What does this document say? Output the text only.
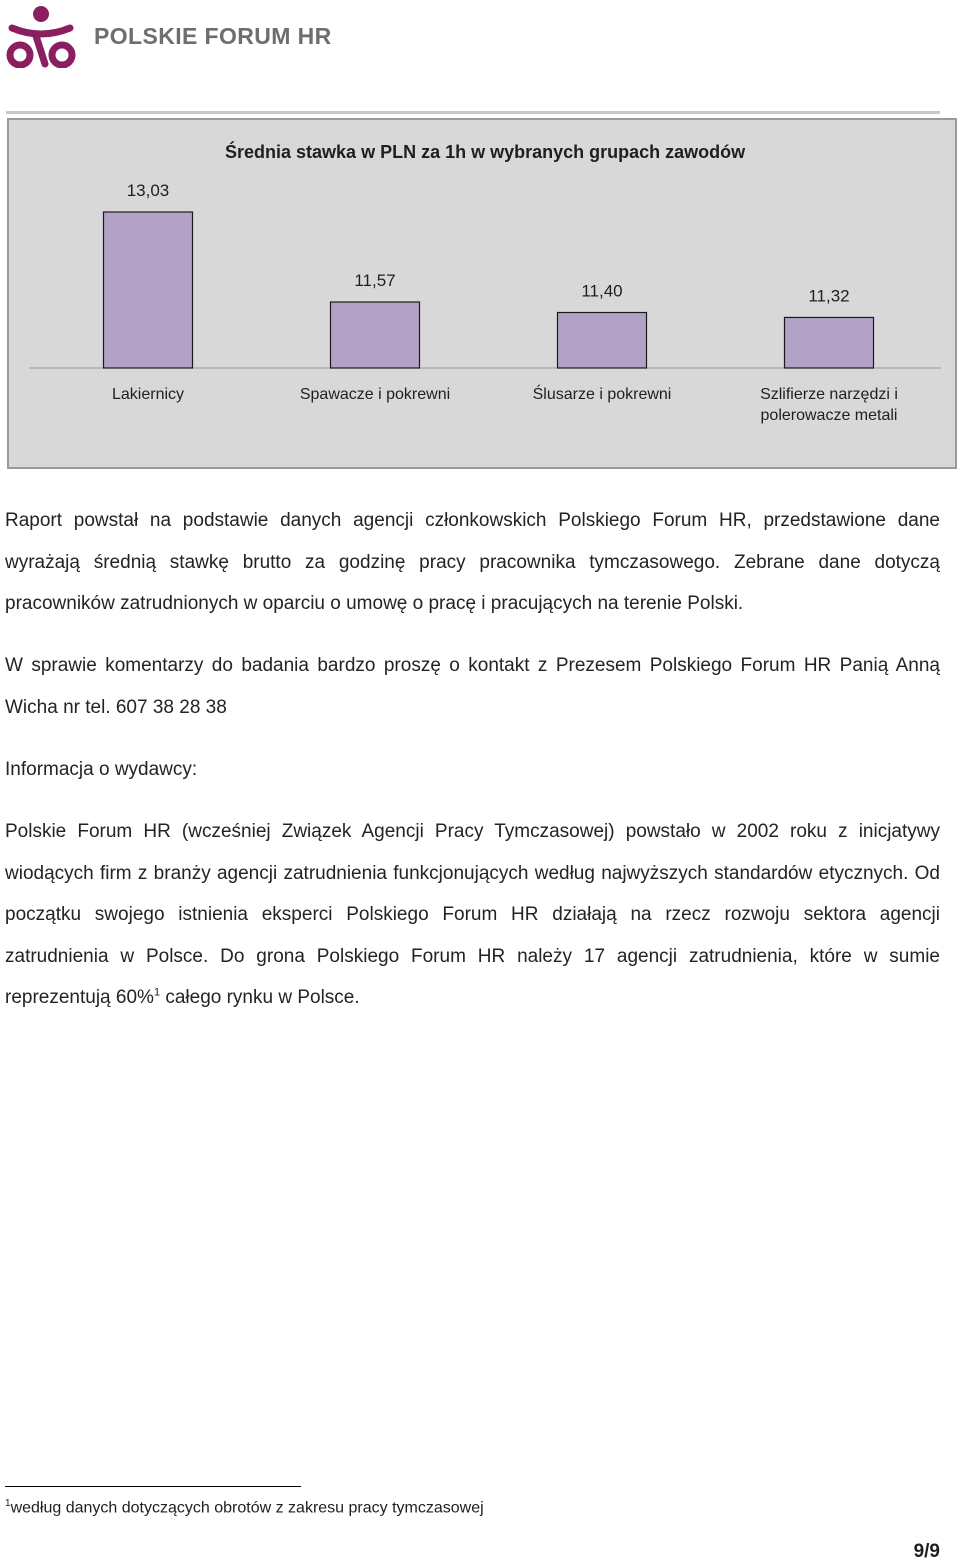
POLSKIE FORUM HR
Średnia stawka w PLN za 1h w wybranych grupach zawodów
13,03
11,57
11,40	11,32
Lakiernicy	Spawacze i pokrewni	Ślusarze i pokrewni	Szlifierze narzędzi i polerowacze metali

Raport powstał na podstawie danych agencji członkowskich Polskiego Forum HR, przedstawione dane wyrażają średnią stawkę brutto za godzinę pracy pracownika tymczasowego. Zebrane dane dotyczą pracowników zatrudnionych w oparciu o umowę o pracę i pracujących na terenie Polski.

W sprawie komentarzy do badania bardzo proszę o kontakt z Prezesem Polskiego Forum HR Panią Anną Wicha nr tel. 607 38 28 38

Informacja o wydawcy:

Polskie Forum HR (wcześniej Związek Agencji Pracy Tymczasowej) powstało w 2002 roku z inicjatywy wiodących firm z branży agencji zatrudnienia funkcjonujących według najwyższych standardów etycznych. Od początku swojego istnienia eksperci Polskiego Forum HR działają na rzecz rozwoju sektora agencji zatrudnienia w Polsce. Do grona Polskiego Forum HR należy 17 agencji zatrudnienia, które w sumie reprezentują 60%$^1$ całego rynku w Polsce.

$^1$według danych dotyczących obrotów z zakresu pracy tymczasowej
9/9
